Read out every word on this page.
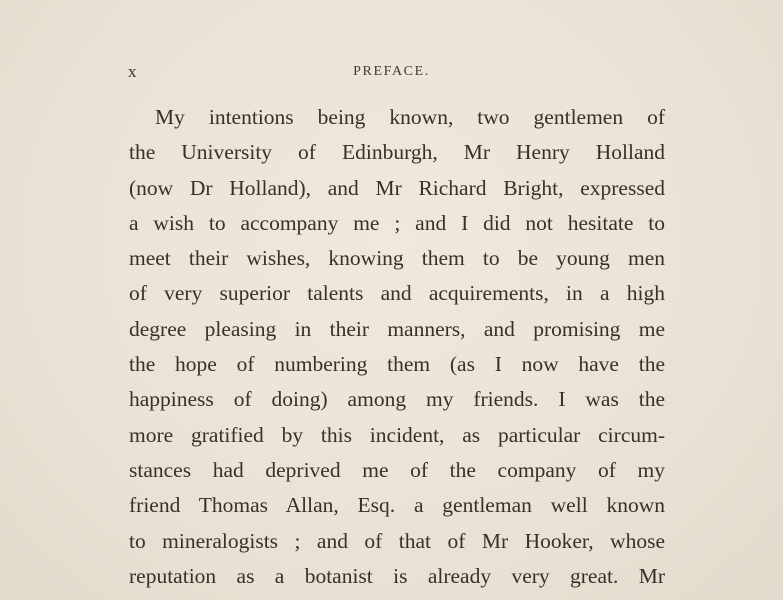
x	PREFACE.
My intentions being known, two gentlemen of
the University of Edinburgh, Mr Henry Holland
(now Dr Holland), and Mr Richard Bright, expressed
a wish to accompany me ; and I did not hesitate to
meet their wishes, knowing them to be young men
of very superior talents and acquirements, in a high
degree pleasing in their manners, and promising me
the hope of numbering them (as I now have the
happiness of doing) among my friends. I was the
more gratified by this incident, as particular circum-
stances had deprived me of the company of my
friend Thomas Allan, Esq. a gentleman well known
to mineralogists ; and of that of Mr Hooker, whose
reputation as a botanist is already very great. Mr
